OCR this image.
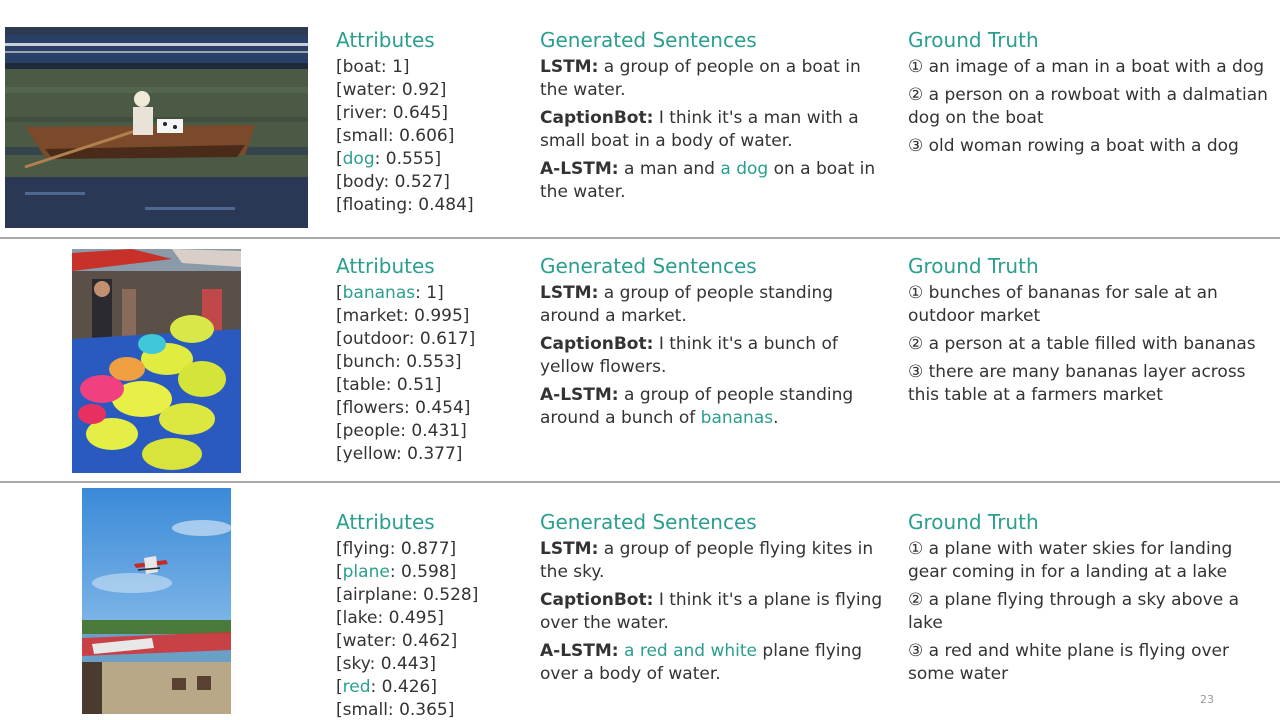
Attributes
[boat: 1]
[water: 0.92]
[river: 0.645]
[small: 0.606]
[dog: 0.555]
[body: 0.527]
[floating: 0.484]
Generated Sentences
LSTM: a group of people on a boat in the water.
CaptionBot: I think it's a man with a small boat in a body of water.
A-LSTM: a man and a dog on a boat in the water.
Ground Truth
① an image of a man in a boat with a dog
② a person on a rowboat with a dalmatian dog on the boat
③ old woman rowing a boat with a dog
Attributes
[bananas: 1]
[market: 0.995]
[outdoor: 0.617]
[bunch: 0.553]
[table: 0.51]
[flowers: 0.454]
[people: 0.431]
[yellow: 0.377]
Generated Sentences
LSTM: a group of people standing around a market.
CaptionBot: I think it's a bunch of yellow flowers.
A-LSTM: a group of people standing around a bunch of bananas.
Ground Truth
① bunches of bananas for sale at an outdoor market
② a person at a table filled with bananas
③ there are many bananas layer across this table at a farmers market
Attributes
[flying: 0.877]
[plane: 0.598]
[airplane: 0.528]
[lake: 0.495]
[water: 0.462]
[sky: 0.443]
[red: 0.426]
[small: 0.365]
Generated Sentences
LSTM: a group of people flying kites in the sky.
CaptionBot: I think it's a plane is flying over the water.
A-LSTM: a red and white plane flying over a body of water.
Ground Truth
① a plane with water skies for landing gear coming in for a landing at a lake
② a plane flying through a sky above a lake
③ a red and white plane is flying over some water
23
